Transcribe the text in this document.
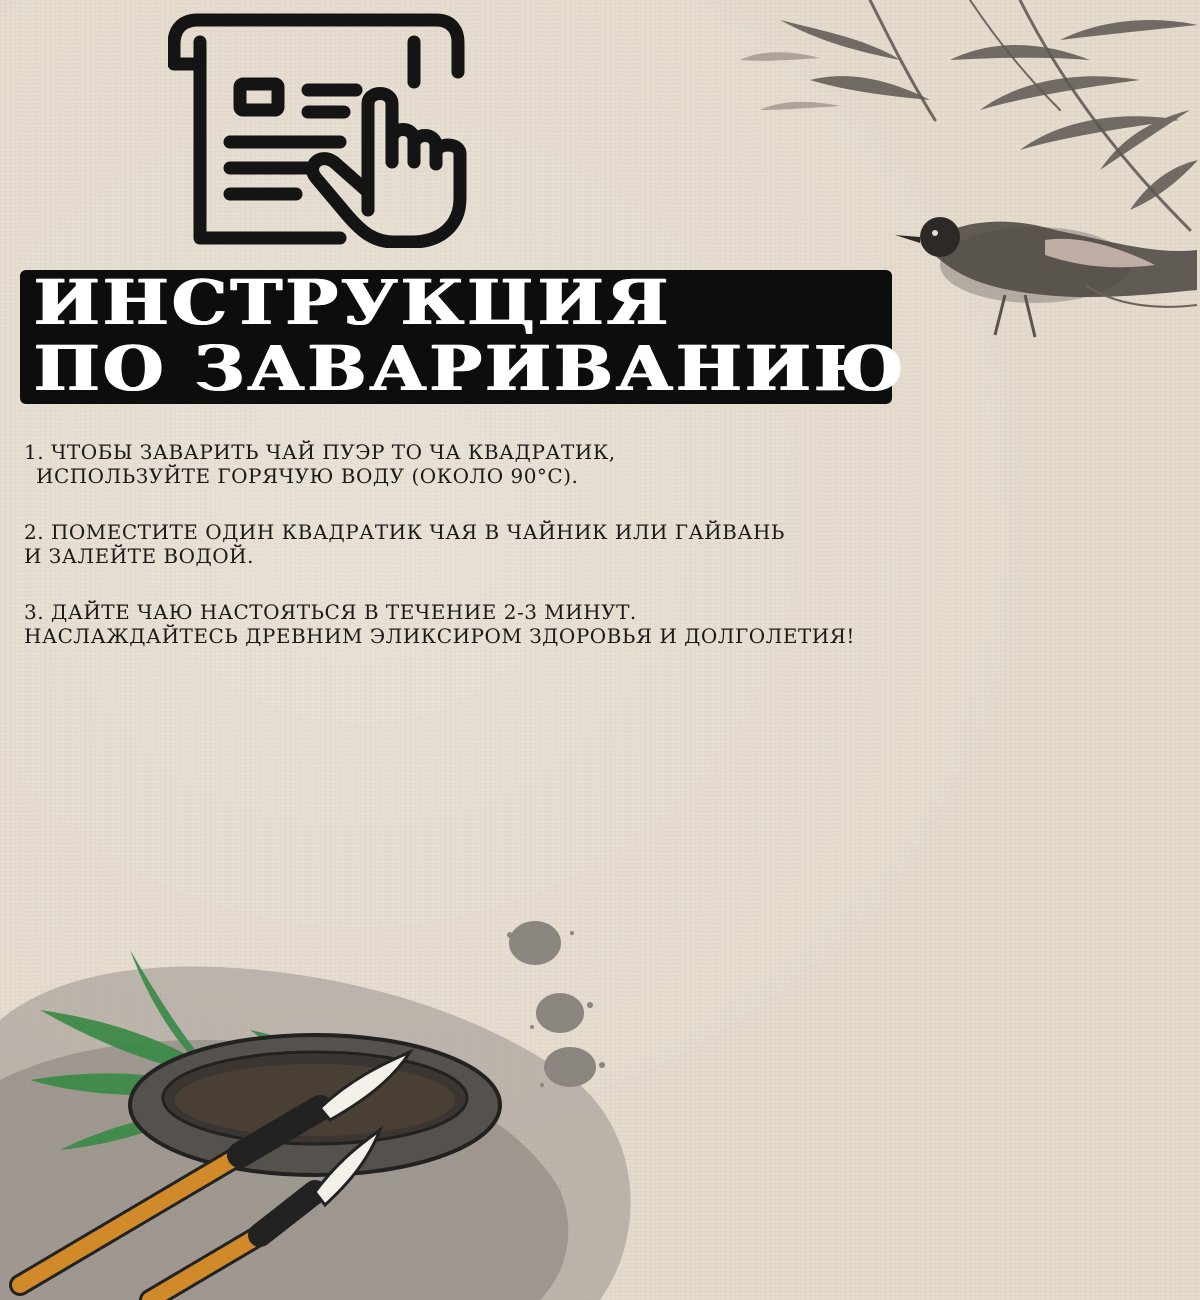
ИНСТРУКЦИЯ

ПО ЗАВАРИВАНИЮ

1. ЧТОБЫ ЗАВАРИТЬ ЧАЙ ПУЭР ТО ЧА КВАДРАТИК,
ИСПОЛЬЗУЙТЕ ГОРЯЧУЮ ВОДУ (ОКОЛО 90°С).
2. ПОМЕСТИТЕ ОДИН КВАДРАТИК ЧАЯ В ЧАЙНИК ИЛИ ГАЙВАНЬ
И ЗАЛЕЙТЕ ВОДОЙ.
3. ДАЙТЕ ЧАЮ НАСТОЯТЬСЯ В ТЕЧЕНИЕ 2-3 МИНУТ.
НАСЛАЖДАЙТЕСЬ ДРЕВНИМ ЭЛИКСИРОМ ЗДОРОВЬЯ И ДОЛГОЛЕТИЯ!
